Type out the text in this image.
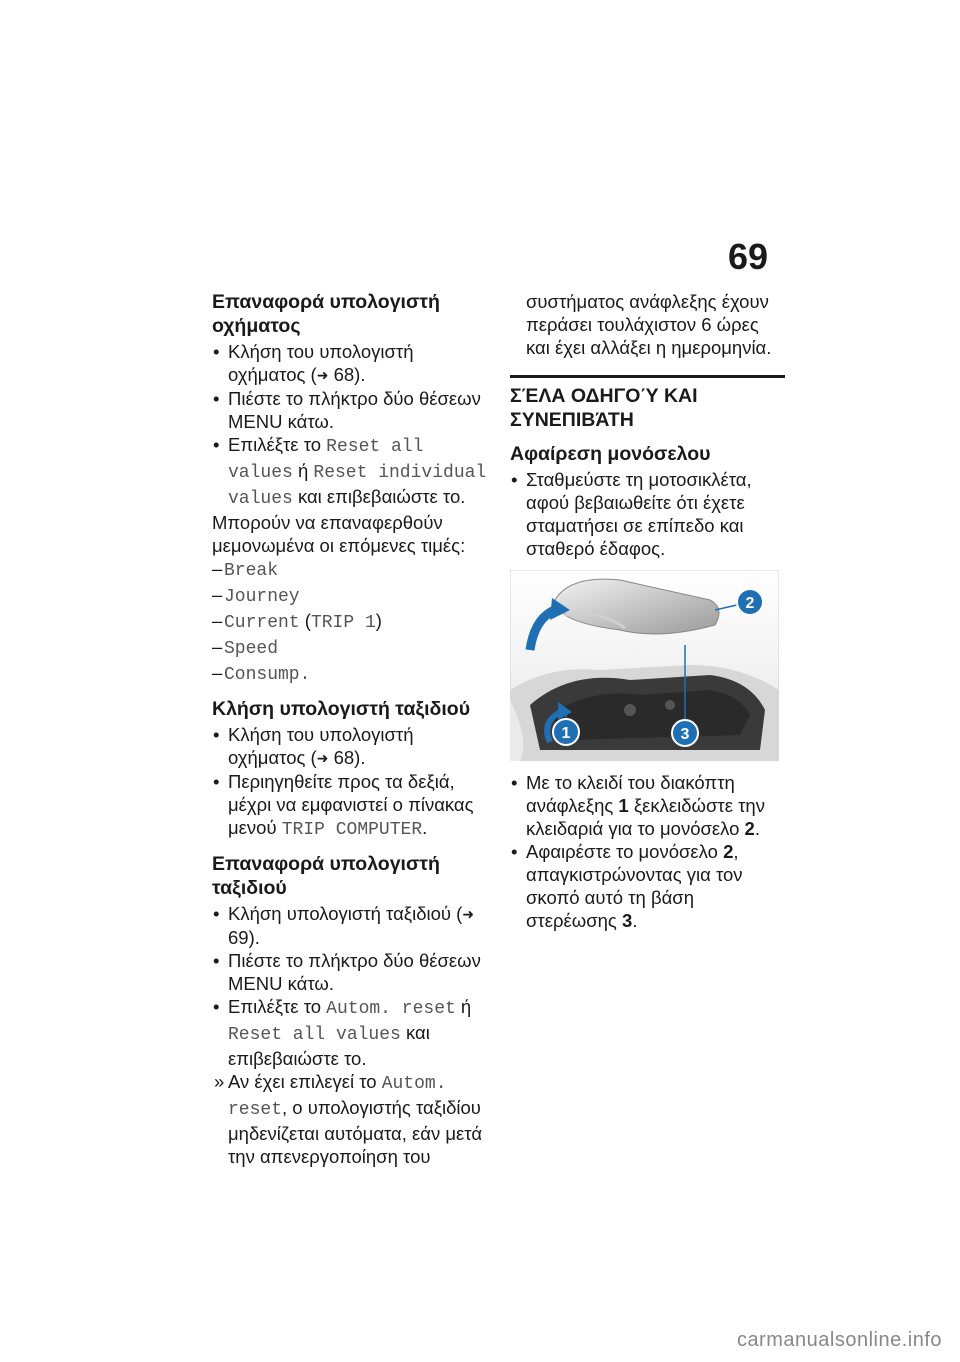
69
Επαναφορά υπολογιστή οχήματος
• Κλήση του υπολογιστή οχήματος (➜ 68).
• Πιέστε το πλήκτρο δύο θέσεων MENU κάτω.
• Επιλέξτε το Reset all values ή Reset individual values και επιβεβαιώστε το.
Μπορούν να επαναφερθούν μεμονωμένα οι επόμενες τιμές:
– Break
– Journey
– Current (TRIP 1)
– Speed
– Consump.
Κλήση υπολογιστή ταξιδιού
• Κλήση του υπολογιστή οχήματος (➜ 68).
• Περιηγηθείτε προς τα δεξιά, μέχρι να εμφανιστεί ο πίνακας μενού TRIP COMPUTER.
Επαναφορά υπολογιστή ταξιδιού
• Κλήση υπολογιστή ταξιδιού (➜ 69).
• Πιέστε το πλήκτρο δύο θέσεων MENU κάτω.
• Επιλέξτε το Autom. reset ή Reset all values και επιβεβαιώστε το.
» Αν έχει επιλεγεί το Autom. reset, ο υπολογιστής ταξιδίου μηδενίζεται αυτόματα, εάν μετά την απενεργοποίηση του
συστήματος ανάφλεξης έχουν περάσει τουλάχιστον 6 ώρες και έχει αλλάξει η ημερομηνία.
ΣΈΛΑ ΟΔΗΓΟΎ ΚΑΙ ΣΥΝΕΠΙΒΆΤΗ
Αφαίρεση μονόσελου
• Σταθμεύστε τη μοτοσικλέτα, αφού βεβαιωθείτε ότι έχετε σταματήσει σε επίπεδο και σταθερό έδαφος.
2
1	3
• Με το κλειδί του διακόπτη ανάφλεξης 1 ξεκλειδώστε την κλειδαριά για το μονόσελο 2.
• Αφαιρέστε το μονόσελο 2, απαγκιστρώνοντας για τον σκοπό αυτό τη βάση στερέωσης 3.
carmanualsonline.info
